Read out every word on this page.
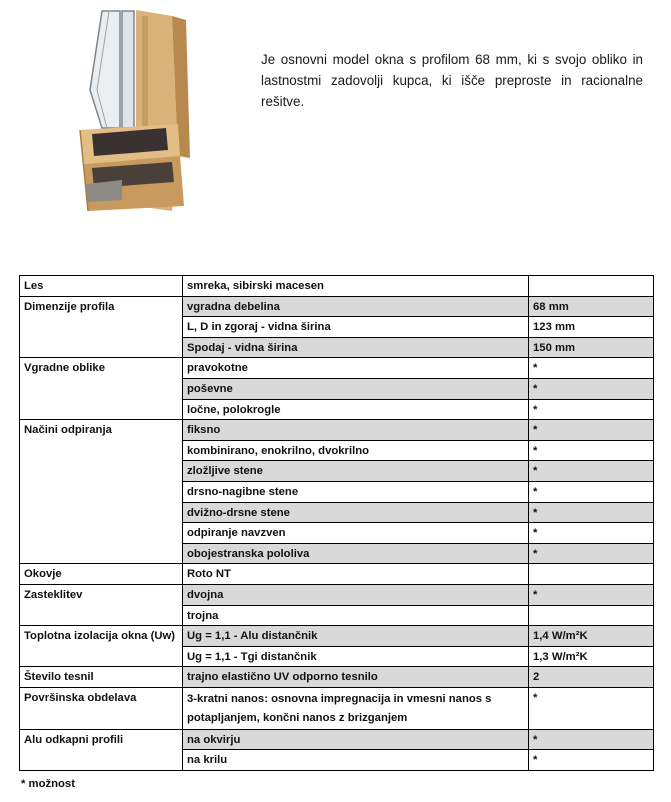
Je osnovni model okna s profilom 68 mm, ki s svojo obliko in lastnostmi zadovolji kupca, ki išče preproste in racionalne rešitve.
Les	smreka, sibirski macesen	
Dimenzije profila	vgradna debelina	68 mm
	L, D in zgoraj - vidna širina	123 mm
	Spodaj - vidna širina	150 mm
Vgradne oblike	pravokotne	*
	poševne	*
	ločne, polokrogle	*
Načini odpiranja	fiksno	*
	kombinirano, enokrilno, dvokrilno	*
	zložljive stene	*
	drsno-nagibne stene	*
	dvižno-drsne stene	*
	odpiranje navzven	*
	obojestranska pololiva	*
Okovje	Roto NT	
Zasteklitev	dvojna	*
	trojna	
Toplotna izolacija okna (Uw)	Ug = 1,1 - Alu distančnik	1,4 W/m²K
	Ug = 1,1 - Tgi distančnik	1,3 W/m²K
Število tesnil	trajno elastično UV odporno tesnilo	2
Površinska obdelava	3-kratni nanos: osnovna impregnacija in vmesni nanos s potapljanjem, končni nanos z brizganjem	*
Alu odkapni profili	na okvirju	*
	na krilu	*
* možnost
